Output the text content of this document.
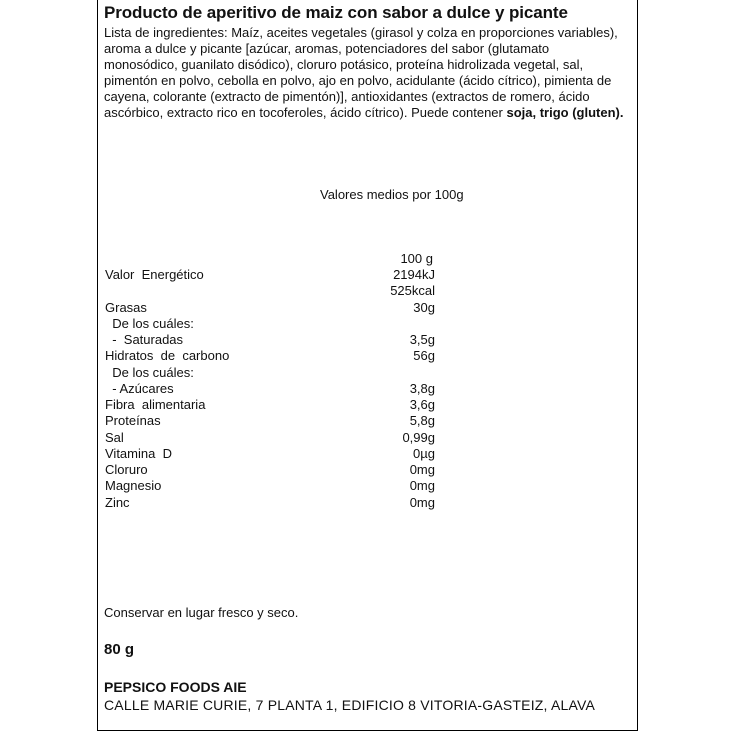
Producto de aperitivo de maiz con sabor a dulce y picante
Lista de ingredientes: Maíz, aceites vegetales (girasol y colza en proporciones variables), aroma a dulce y picante [azúcar, aromas, potenciadores del sabor (glutamato monosódico, guanilato disódico), cloruro potásico, proteína hidrolizada vegetal, sal, pimentón en polvo, cebolla en polvo, ajo en polvo, acidulante (ácido cítrico), pimienta de cayena, colorante (extracto de pimentón)], antioxidantes (extractos de romero, ácido ascórbico, extracto rico en tocoferoles, ácido cítrico). Puede contener soja, trigo (gluten).
Valores medios por 100g
100 g
Valor  Energético	2194kJ
525kcal
Grasas	30g
De los cuáles:
-  Saturadas	3,5g
Hidratos  de  carbono	56g
De los cuáles:
- Azúcares	3,8g
Fibra  alimentaria	3,6g
Proteínas	5,8g
Sal	0,99g
Vitamina  D	0µg
Cloruro	0mg
Magnesio	0mg
Zinc	0mg
Conservar en lugar fresco y seco.
80 g
PEPSICO FOODS AIE
CALLE MARIE CURIE, 7 PLANTA 1, EDIFICIO 8 VITORIA-GASTEIZ, ALAVA
